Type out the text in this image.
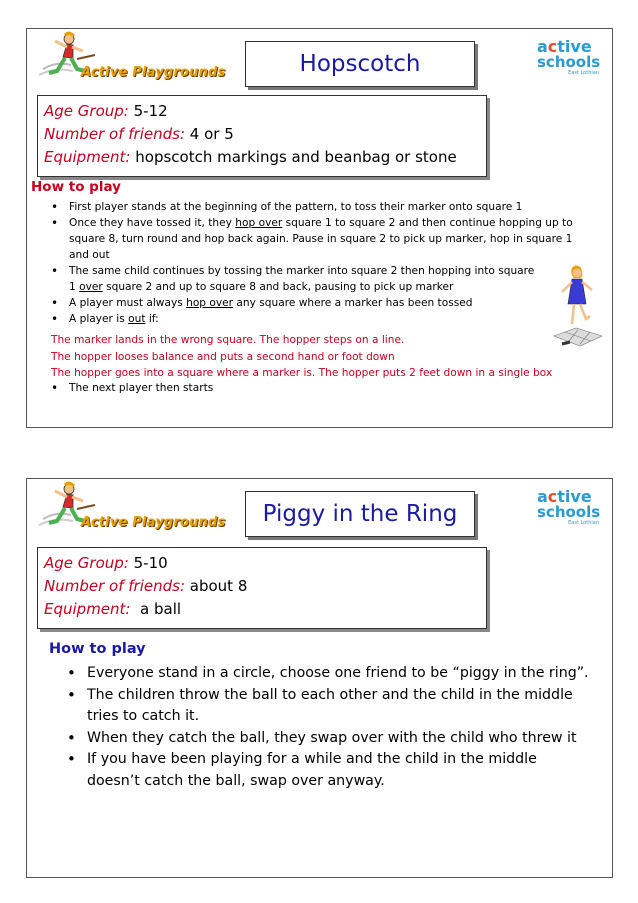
Active Playgrounds	Hopscotch
active
schools
East Lothian
Age Group: 5-12
Number of friends: 4 or 5
Equipment: hopscotch markings and beanbag or stone
How to play
• First player stands at the beginning of the pattern, to toss their marker onto square 1
• Once they have tossed it, they hop over square 1 to square 2 and then continue hopping up to square 8, turn round and hop back again. Pause in square 2 to pick up marker, hop in square 1 and out
• The same child continues by tossing the marker into square 2 then hopping into square 1 over square 2 and up to square 8 and back, pausing to pick up marker
• A player must always hop over any square where a marker has been tossed
• A player is out if:
The marker lands in the wrong square. The hopper steps on a line.
The hopper looses balance and puts a second hand or foot down
The hopper goes into a square where a marker is. The hopper puts 2 feet down in a single box
• The next player then starts
Active Playgrounds Piggy in the Ring
active
schools
East Lothian
Age Group: 5-10
Number of friends: about 8
Equipment:  a ball
How to play
• Everyone stand in a circle, choose one friend to be “piggy in the ring”.
• The children throw the ball to each other and the child in the middle tries to catch it.
• When they catch the ball, they swap over with the child who threw it
• If you have been playing for a while and the child in the middle doesn’t catch the ball, swap over anyway.
